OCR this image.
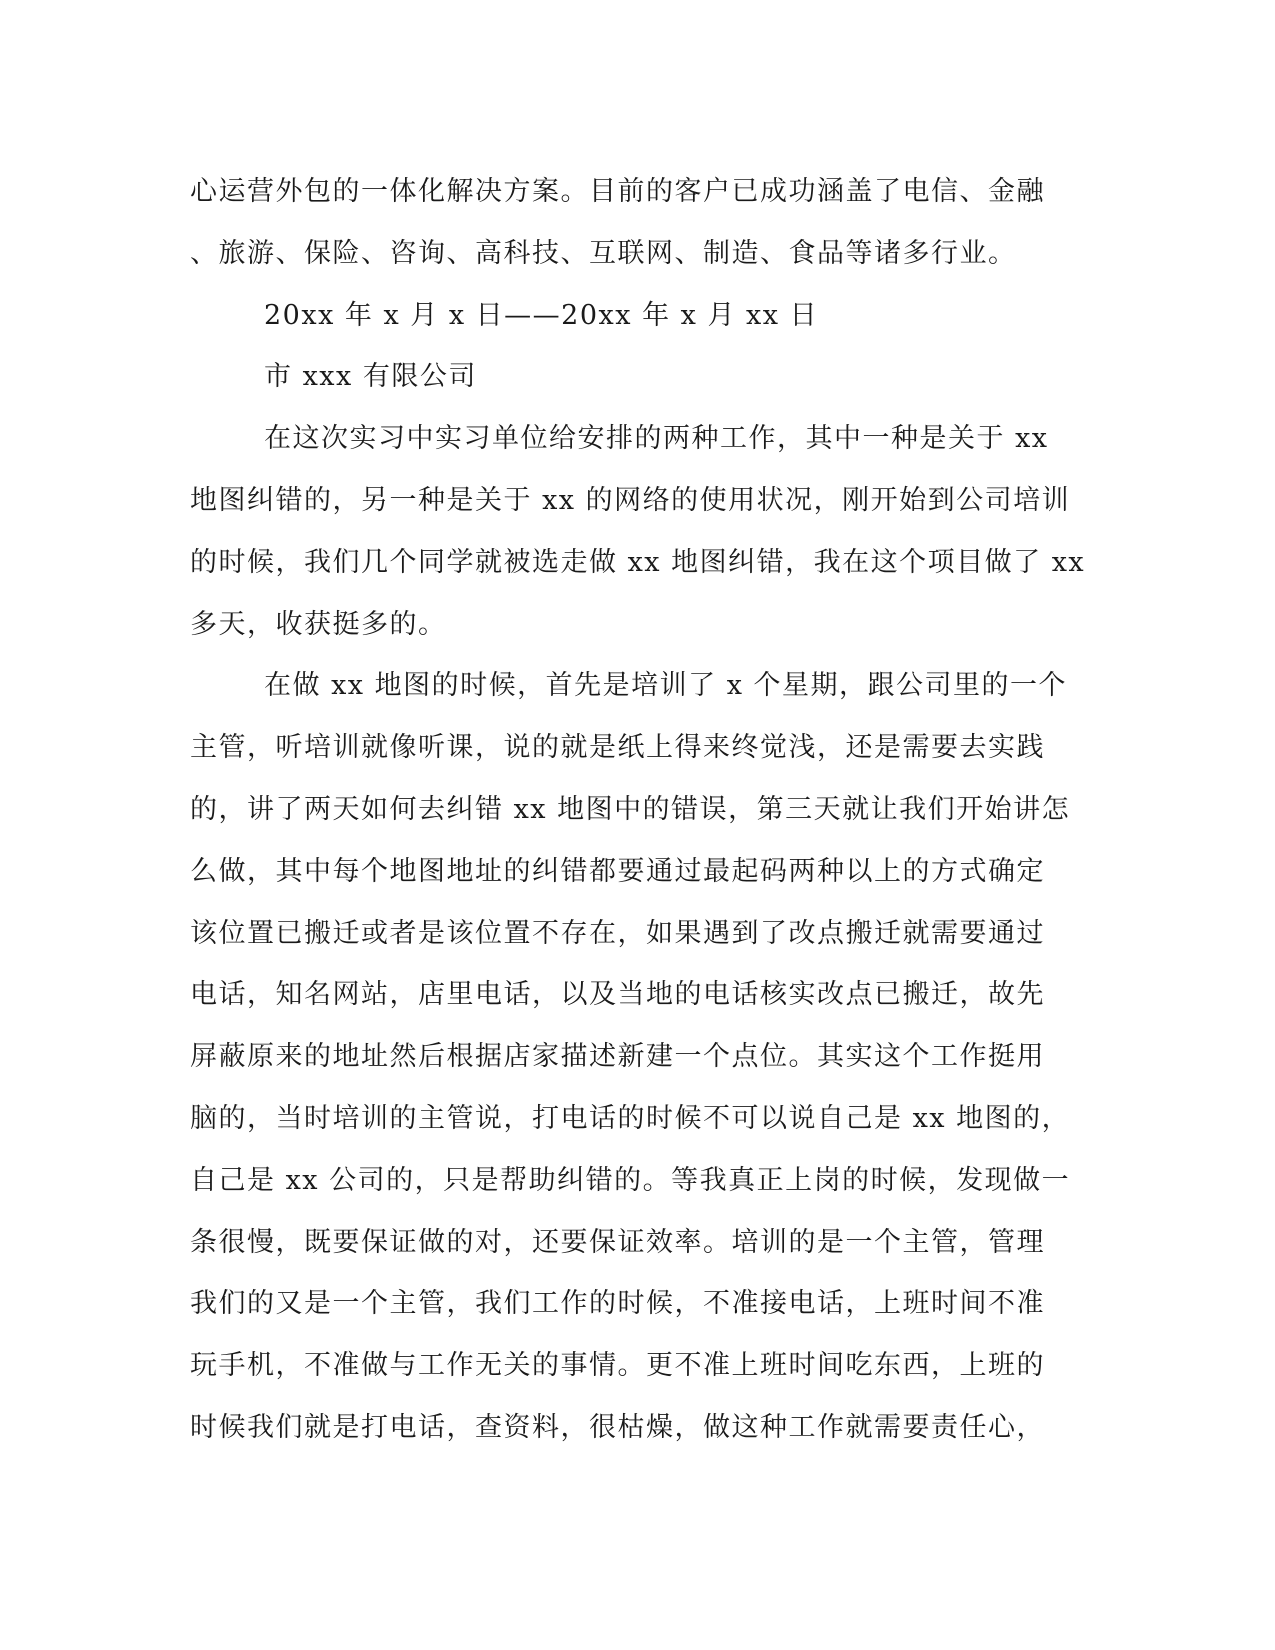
心运营外包的一体化解决方案。目前的客户已成功涵盖了电信、金融
、旅游、保险、咨询、高科技、互联网、制造、食品等诸多行业。
20xx 年 x 月 x 日——20xx 年 x 月 xx 日
市 xxx 有限公司
在这次实习中实习单位给安排的两种工作，其中一种是关于 xx
地图纠错的，另一种是关于 xx 的网络的使用状况，刚开始到公司培训
的时候，我们几个同学就被选走做 xx 地图纠错，我在这个项目做了 xx
多天，收获挺多的。
在做 xx 地图的时候，首先是培训了 x 个星期，跟公司里的一个
主管，听培训就像听课，说的就是纸上得来终觉浅，还是需要去实践
的，讲了两天如何去纠错 xx 地图中的错误，第三天就让我们开始讲怎
么做，其中每个地图地址的纠错都要通过最起码两种以上的方式确定
该位置已搬迁或者是该位置不存在，如果遇到了改点搬迁就需要通过
电话，知名网站，店里电话，以及当地的电话核实改点已搬迁，故先
屏蔽原来的地址然后根据店家描述新建一个点位。其实这个工作挺用
脑的，当时培训的主管说，打电话的时候不可以说自己是 xx 地图的，
自己是 xx 公司的，只是帮助纠错的。等我真正上岗的时候，发现做一
条很慢，既要保证做的对，还要保证效率。培训的是一个主管，管理
我们的又是一个主管，我们工作的时候，不准接电话，上班时间不准
玩手机，不准做与工作无关的事情。更不准上班时间吃东西，上班的
时候我们就是打电话，查资料，很枯燥，做这种工作就需要责任心，
